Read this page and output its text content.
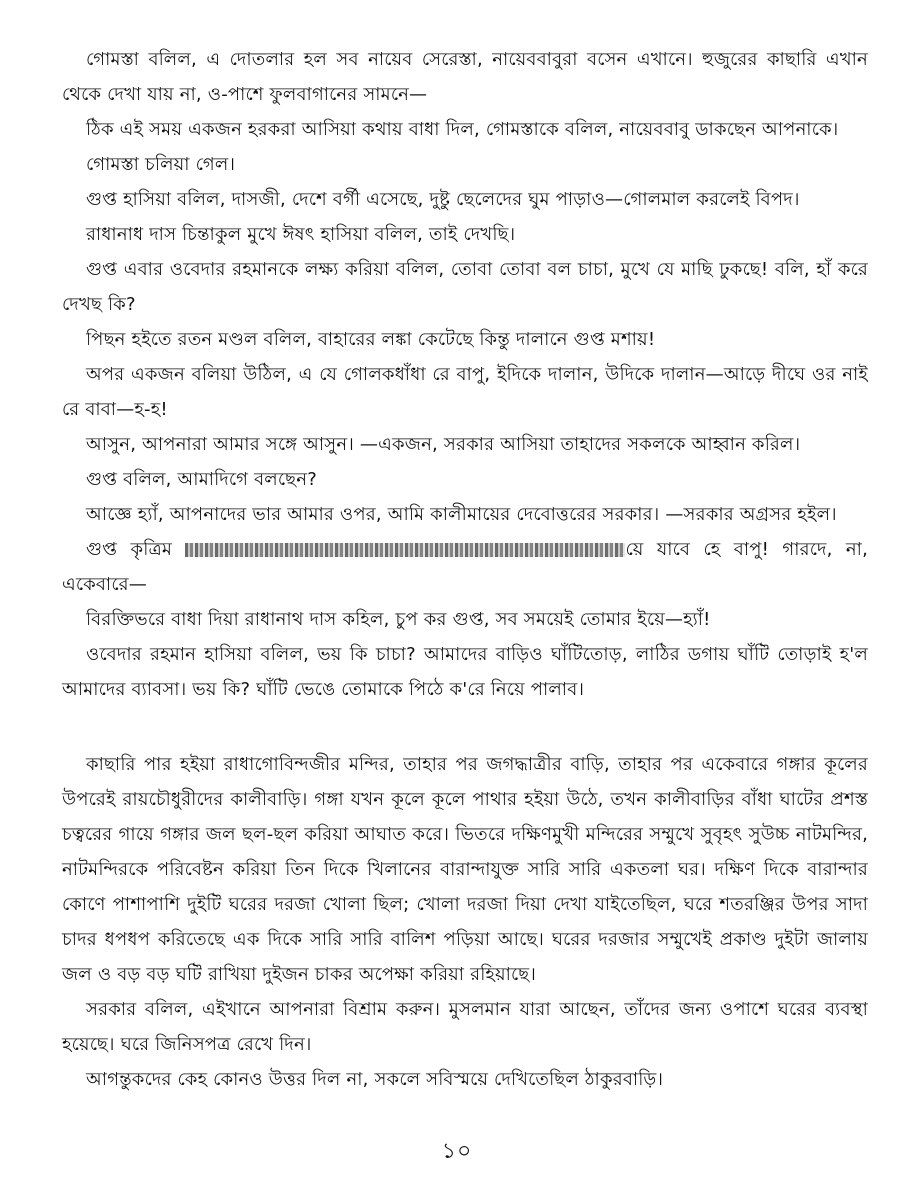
গোমস্তা বলিল, এ দোতলার হল সব নায়েব সেরেস্তা, নায়েববাবুরা বসেন এখানে। হুজুরের কাছারি এখান থেকে দেখা যায় না, ও-পাশে ফুলবাগানের সামনে—

ঠিক এই সময় একজন হরকরা আসিয়া কথায় বাধা দিল, গোমস্তাকে বলিল, নায়েববাবু ডাকছেন আপনাকে।

গোমস্তা চলিয়া গেল।

গুপ্ত হাসিয়া বলিল, দাসজী, দেশে বর্গী এসেছে, দুষ্টু ছেলেদের ঘুম পাড়াও—গোলমাল করলেই বিপদ।

রাধানাধ দাস চিন্তাকুল মুখে ঈষৎ হাসিয়া বলিল, তাই দেখছি।

গুপ্ত এবার ওবেদার রহমানকে লক্ষ্য করিয়া বলিল, তোবা তোবা বল চাচা, মুখে যে মাছি ঢুকছে! বলি, হাঁ করে দেখছ কি?

পিছন হইতে রতন মণ্ডল বলিল, বাহারের লঙ্কা কেটেছে কিন্তু দালানে গুপ্ত মশায়!

অপর একজন বলিয়া উঠিল, এ যে গোলকধাঁধা রে বাপু, ইদিকে দালান, উদিকে দালান—আড়ে দীঘে ওর নাই রে বাবা—হ-হ!

আসুন, আপনারা আমার সঙ্গে আসুন। —একজন, সরকার আসিয়া তাহাদের সকলকে আহ্বান করিল।

গুপ্ত বলিল, আমাদিগে বলছেন?

আজ্ঞে হ্যাঁ, আপনাদের ভার আমার ওপর, আমি কালীমায়ের দেবোত্তরের সরকার। —সরকার অগ্রসর হইল।

গুপ্ত কৃত্রিম	য়ে যাবে হে বাপু! গারদে, না, একেবারে—

বিরক্তিভরে বাধা দিয়া রাধানাথ দাস কহিল, চুপ কর গুপ্ত, সব সময়েই তোমার ইয়ে—হ্যাঁ!

ওবেদার রহমান হাসিয়া বলিল, ভয় কি চাচা? আমাদের বাড়িও ঘাঁটিতোড়, লাঠির ডগায় ঘাঁটি তোড়াই হ'ল আমাদের ব্যাবসা। ভয় কি? ঘাঁটি ভেঙে তোমাকে পিঠে ক'রে নিয়ে পালাব।

কাছারি পার হইয়া রাধাগোবিন্দজীর মন্দির, তাহার পর জগদ্ধাত্রীর বাড়ি, তাহার পর একেবারে গঙ্গার কূলের উপরেই রায়চৌধুরীদের কালীবাড়ি। গঙ্গা যখন কূলে কূলে পাথার হইয়া উঠে, তখন কালীবাড়ির বাঁধা ঘাটের প্রশস্ত চত্বরের গায়ে গঙ্গার জল ছল-ছল করিয়া আঘাত করে। ভিতরে দক্ষিণমুখী মন্দিরের সম্মুখে সুবৃহৎ সুউচ্চ নাটমন্দির, নাটমন্দিরকে পরিবেষ্টন করিয়া তিন দিকে খিলানের বারান্দাযুক্ত সারি সারি একতলা ঘর। দক্ষিণ দিকে বারান্দার কোণে পাশাপাশি দুইটি ঘরের দরজা খোলা ছিল; খোলা দরজা দিয়া দেখা যাইতেছিল, ঘরে শতরঞ্জির উপর সাদা চাদর ধপধপ করিতেছে এক দিকে সারি সারি বালিশ পড়িয়া আছে। ঘরের দরজার সম্মুখেই প্রকাণ্ড দুইটা জালায় জল ও বড় বড় ঘটি রাখিয়া দুইজন চাকর অপেক্ষা করিয়া রহিয়াছে।

সরকার বলিল, এইখানে আপনারা বিশ্রাম করুন। মুসলমান যারা আছেন, তাঁদের জন্য ওপাশে ঘরের ব্যবস্থা হয়েছে। ঘরে জিনিসপত্র রেখে দিন।

আগন্তুকদের কেহ কোনও উত্তর দিল না, সকলে সবিস্ময়ে দেখিতেছিল ঠাকুরবাড়ি।

১০
